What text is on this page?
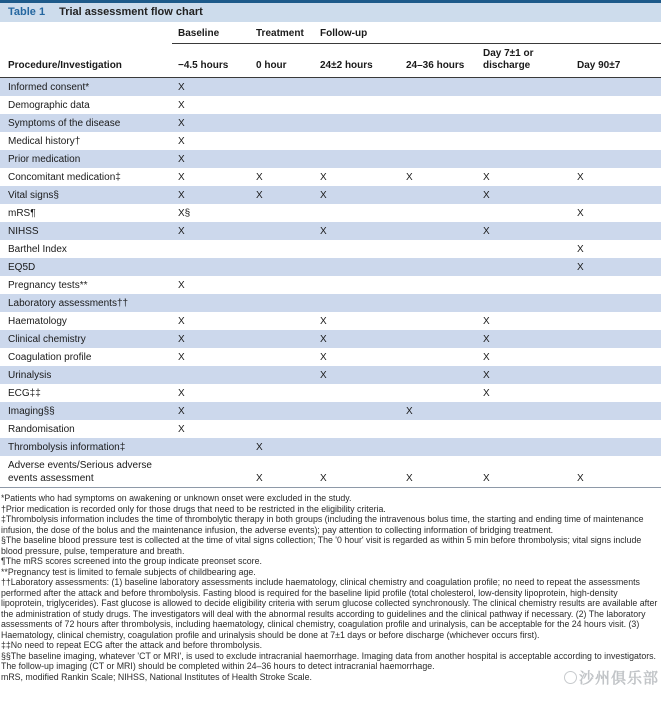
Table 1 Trial assessment flow chart
	Baseline	Treatment	Follow-up			
Procedure/Investigation	−4.5 hours	0 hour	24±2 hours	24–36 hours	Day 7±1 or discharge	Day 90±7
Informed consent*	X					
Demographic data	X					
Symptoms of the disease	X					
Medical history†	X					
Prior medication	X					
Concomitant medication‡	X	X	X	X	X	X
Vital signs§	X	X	X		X	
mRS¶	X§					X
NIHSS	X		X		X	
Barthel Index						X
EQ5D						X
Pregnancy tests**	X					
Laboratory assessments††						
Haematology	X		X		X	
Clinical chemistry	X		X		X	
Coagulation profile	X		X		X	
Urinalysis			X		X	
ECG‡‡	X				X	
Imaging§§	X			X		
Randomisation	X					
Thrombolysis information‡		X				
Adverse events/Serious adverse events assessment		X	X	X	X	X
*Patients who had symptoms on awakening or unknown onset were excluded in the study.
†Prior medication is recorded only for those drugs that need to be restricted in the eligibility criteria.
‡Thrombolysis information includes the time of thrombolytic therapy in both groups (including the intravenous bolus time, the starting and ending time of maintenance infusion, the dose of the bolus and the maintenance infusion, the adverse events); pay attention to collecting information of bridging treatment.
§The baseline blood pressure test is collected at the time of vital signs collection; The '0 hour' visit is regarded as within 5 min before thrombolysis; vital signs include blood pressure, pulse, temperature and breath.
¶The mRS scores screened into the group indicate preonset score.
**Pregnancy test is limited to female subjects of childbearing age.
††Laboratory assessments: (1) baseline laboratory assessments include haematology, clinical chemistry and coagulation profile; no need to repeat the assessments performed after the attack and before thrombolysis. Fasting blood is required for the baseline lipid profile (total cholesterol, low-density lipoprotein, high-density lipoprotein, triglycerides). Fast glucose is allowed to decide eligibility criteria with serum glucose collected synchronously. The clinical chemistry results are available after the administration of study drugs. The investigators will deal with the abnormal results according to guidelines and the clinical pathway if necessary. (2) The laboratory assessments of 72 hours after thrombolysis, including haematology, clinical chemistry, coagulation profile and urinalysis, can be acceptable for the 24 hours visit. (3) Haematology, clinical chemistry, coagulation profile and urinalysis should be done at 7±1 days or before discharge (whichever occurs first).
‡‡No need to repeat ECG after the attack and before thrombolysis.
§§The baseline imaging, whatever 'CT or MRI', is used to exclude intracranial haemorrhage. Imaging data from another hospital is acceptable according to investigators. The follow-up imaging (CT or MRI) should be completed within 24–36 hours to detect intracranial haemorrhage.
mRS, modified Rankin Scale; NIHSS, National Institutes of Health Stroke Scale.	沙州俱乐部
